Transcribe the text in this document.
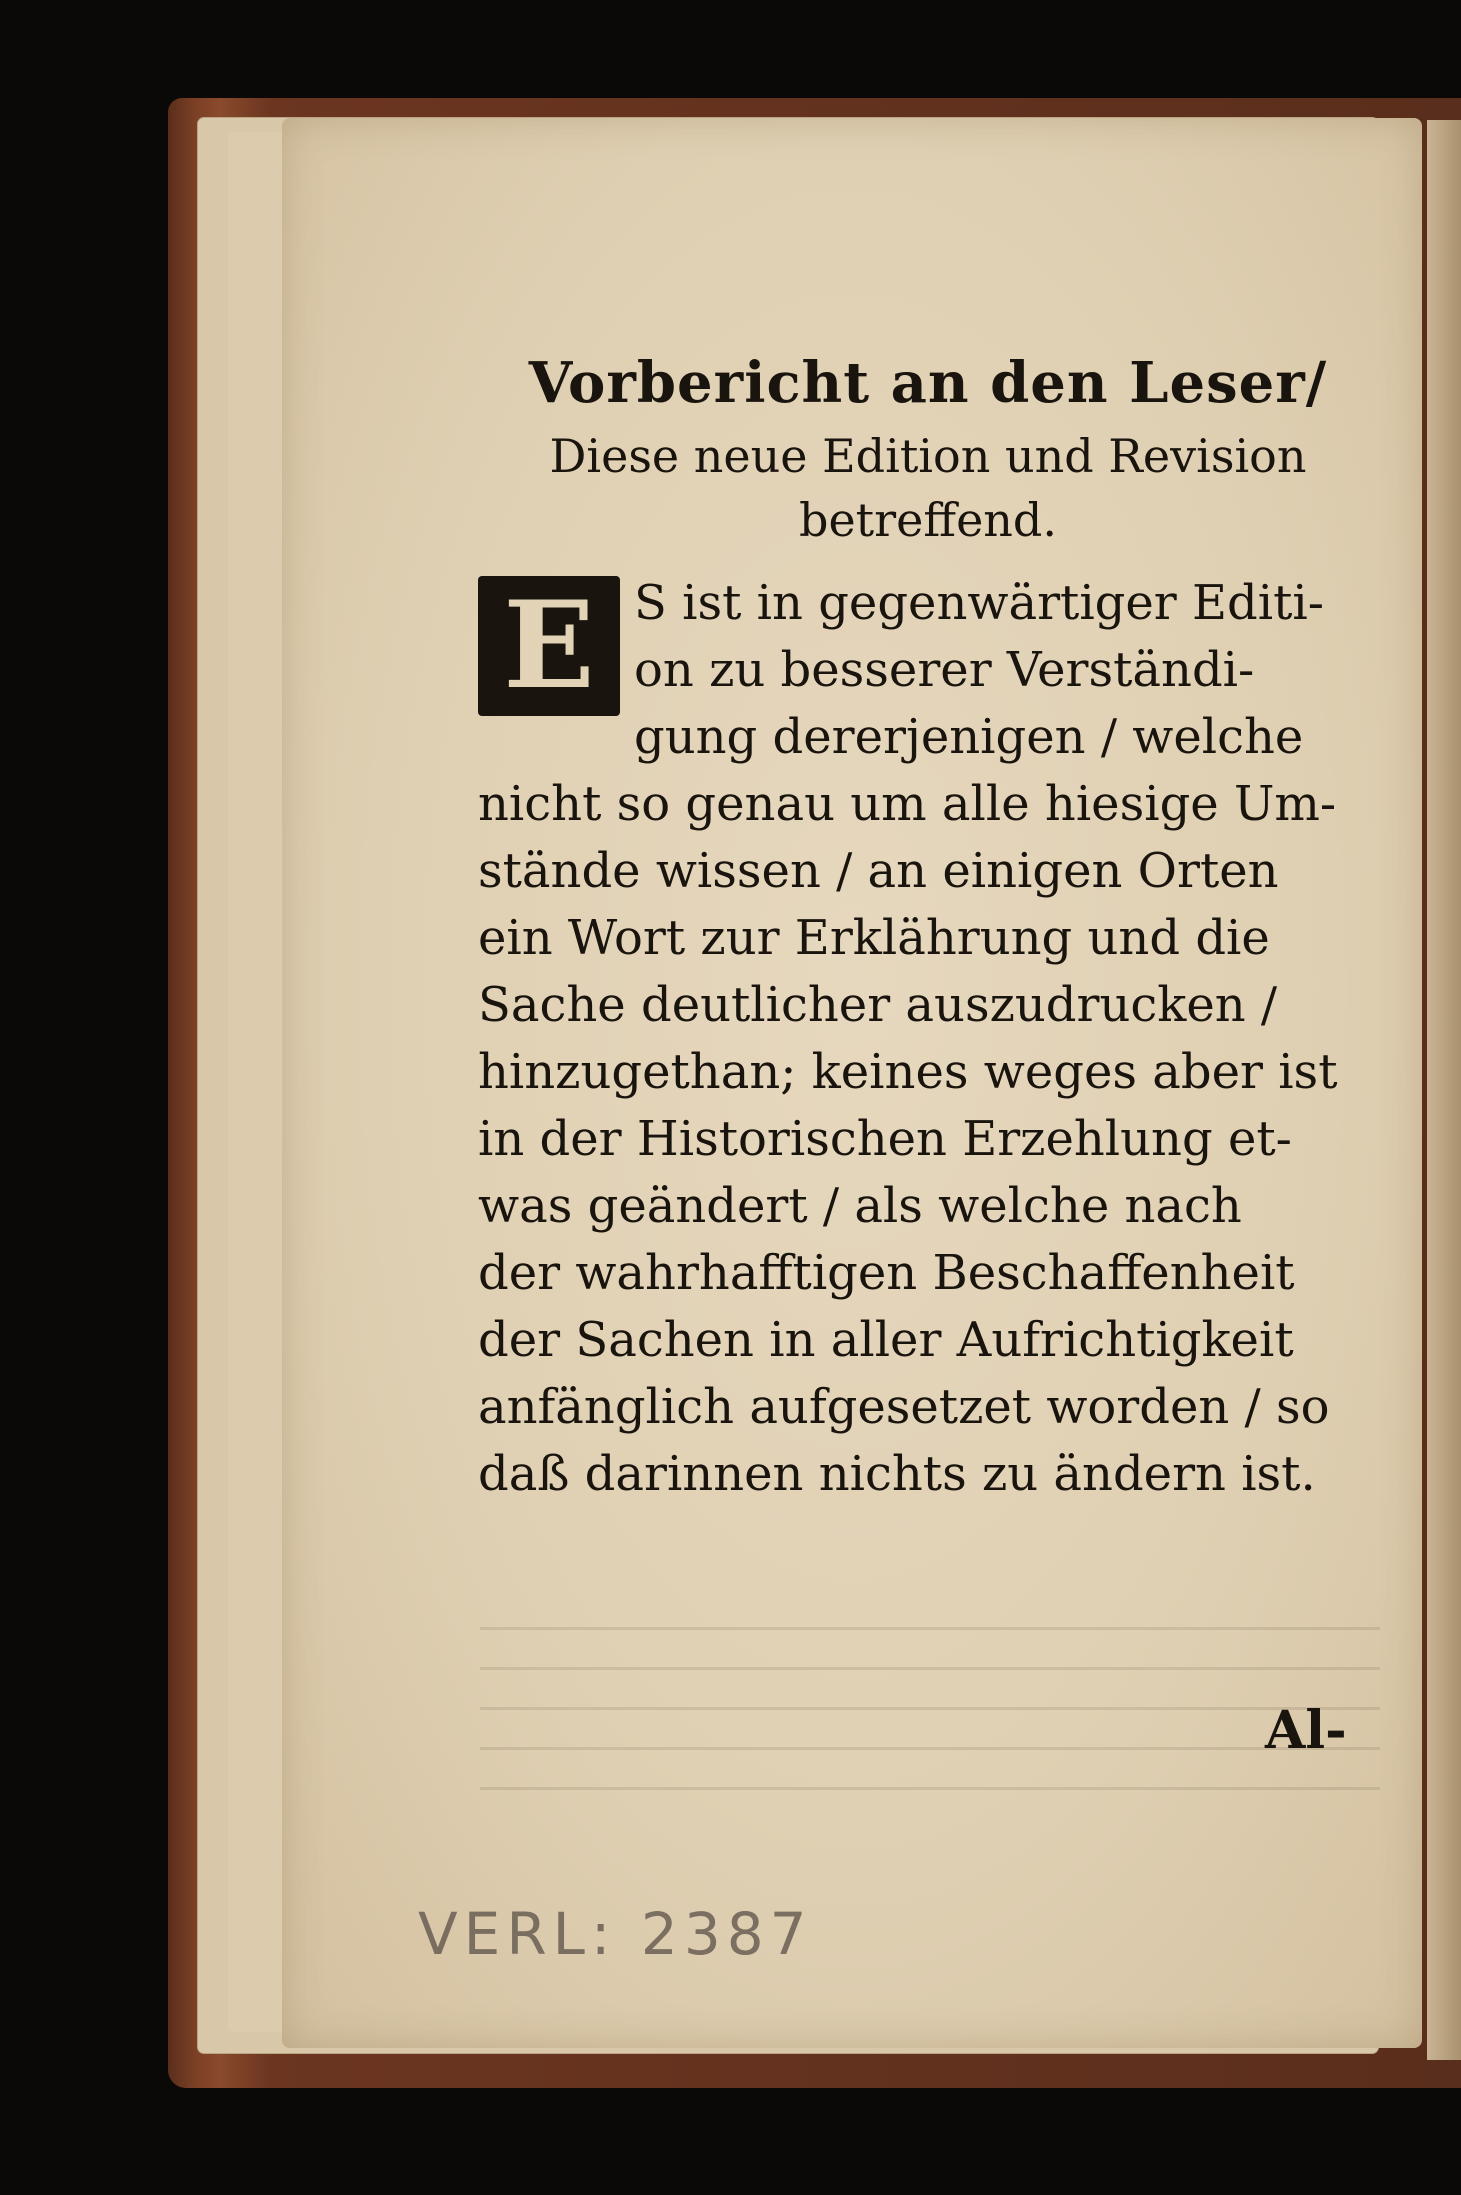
Vorbericht an den Leser/
Diese neue Edition und Revision
betreffend.
E S ist in gegenwärtiger Editi-
on zu besserer Verständi-
gung dererjenigen / welche
nicht so genau um alle hiesige Um-
stände wissen / an einigen Orten
ein Wort zur Erklährung und die
Sache deutlicher auszudrucken /
hinzugethan; keines weges aber ist
in der Historischen Erzehlung et-
was geändert / als welche nach
der wahrhafftigen Beschaffenheit
der Sachen in aller Aufrichtigkeit
anfänglich aufgesetzet worden / so
daß darinnen nichts zu ändern ist.
Al-
VERL: 2387
